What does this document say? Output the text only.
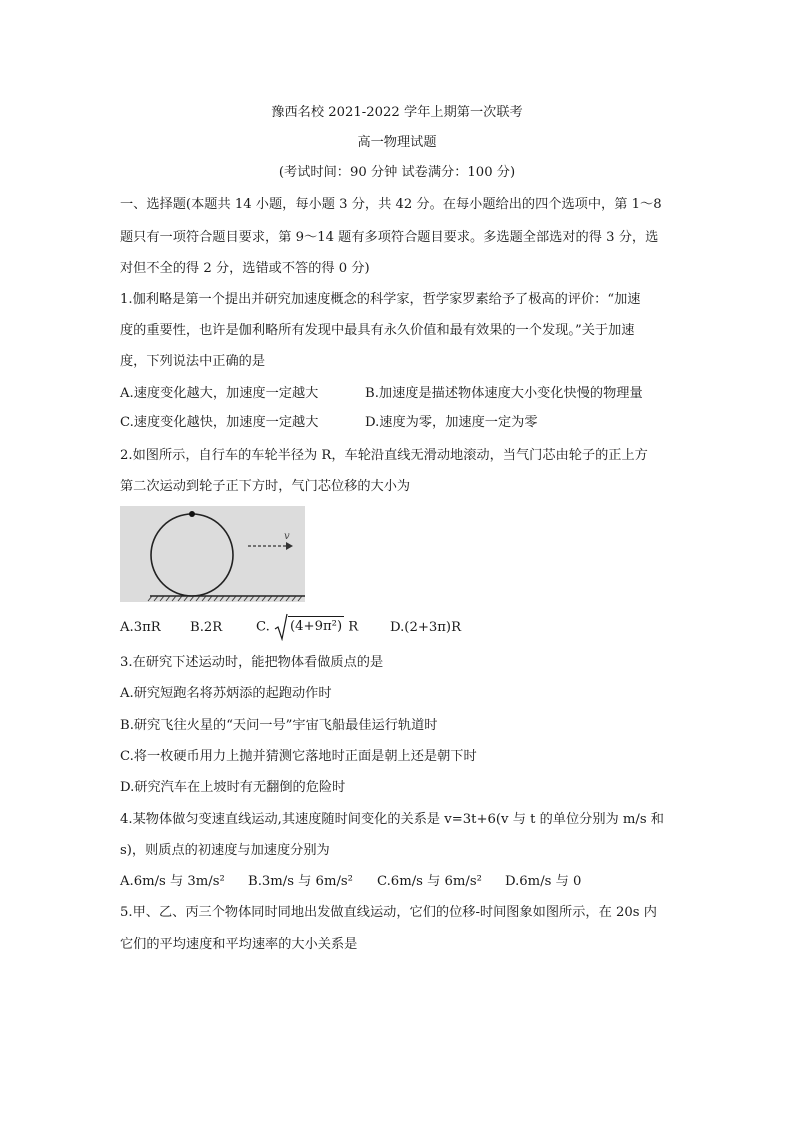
豫西名校 2021-2022 学年上期第一次联考
高一物理试题
(考试时间：90 分钟 试卷满分：100 分)
一、选择题(本题共 14 小题，每小题 3 分，共 42 分。在每小题给出的四个选项中，第 1～8
题只有一项符合题目要求，第 9～14 题有多项符合题目要求。多选题全部选对的得 3 分，选
对但不全的得 2 分，选错或不答的得 0 分)
1.伽利略是第一个提出并研究加速度概念的科学家，哲学家罗素给予了极高的评价：“加速
度的重要性，也许是伽利略所有发现中最具有永久价值和最有效果的一个发现。”关于加速
度，下列说法中正确的是
A.速度变化越大，加速度一定越大	B.加速度是描述物体速度大小变化快慢的物理量
C.速度变化越快，加速度一定越大	D.速度为零，加速度一定为零
2.如图所示，自行车的车轮半径为 R，车轮沿直线无滑动地滚动，当气门芯由轮子的正上方
第二次运动到轮子正下方时，气门芯位移的大小为
v
A.3πR B.2R	C. (4+9π²) R D.(2+3π)R
3.在研究下述运动时，能把物体看做质点的是
A.研究短跑名将苏炳添的起跑动作时
B.研究飞往火星的“天问一号”宇宙飞船最佳运行轨道时
C.将一枚硬币用力上抛并猜测它落地时正面是朝上还是朝下时
D.研究汽车在上坡时有无翻倒的危险时
4.某物体做匀变速直线运动,其速度随时间变化的关系是 v=3t+6(v 与 t 的单位分别为 m/s 和
s)，则质点的初速度与加速度分别为
A.6m/s 与 3m/s² B.3m/s 与 6m/s² C.6m/s 与 6m/s² D.6m/s 与 0
5.甲、乙、丙三个物体同时同地出发做直线运动，它们的位移-时间图象如图所示，在 20s 内
它们的平均速度和平均速率的大小关系是
